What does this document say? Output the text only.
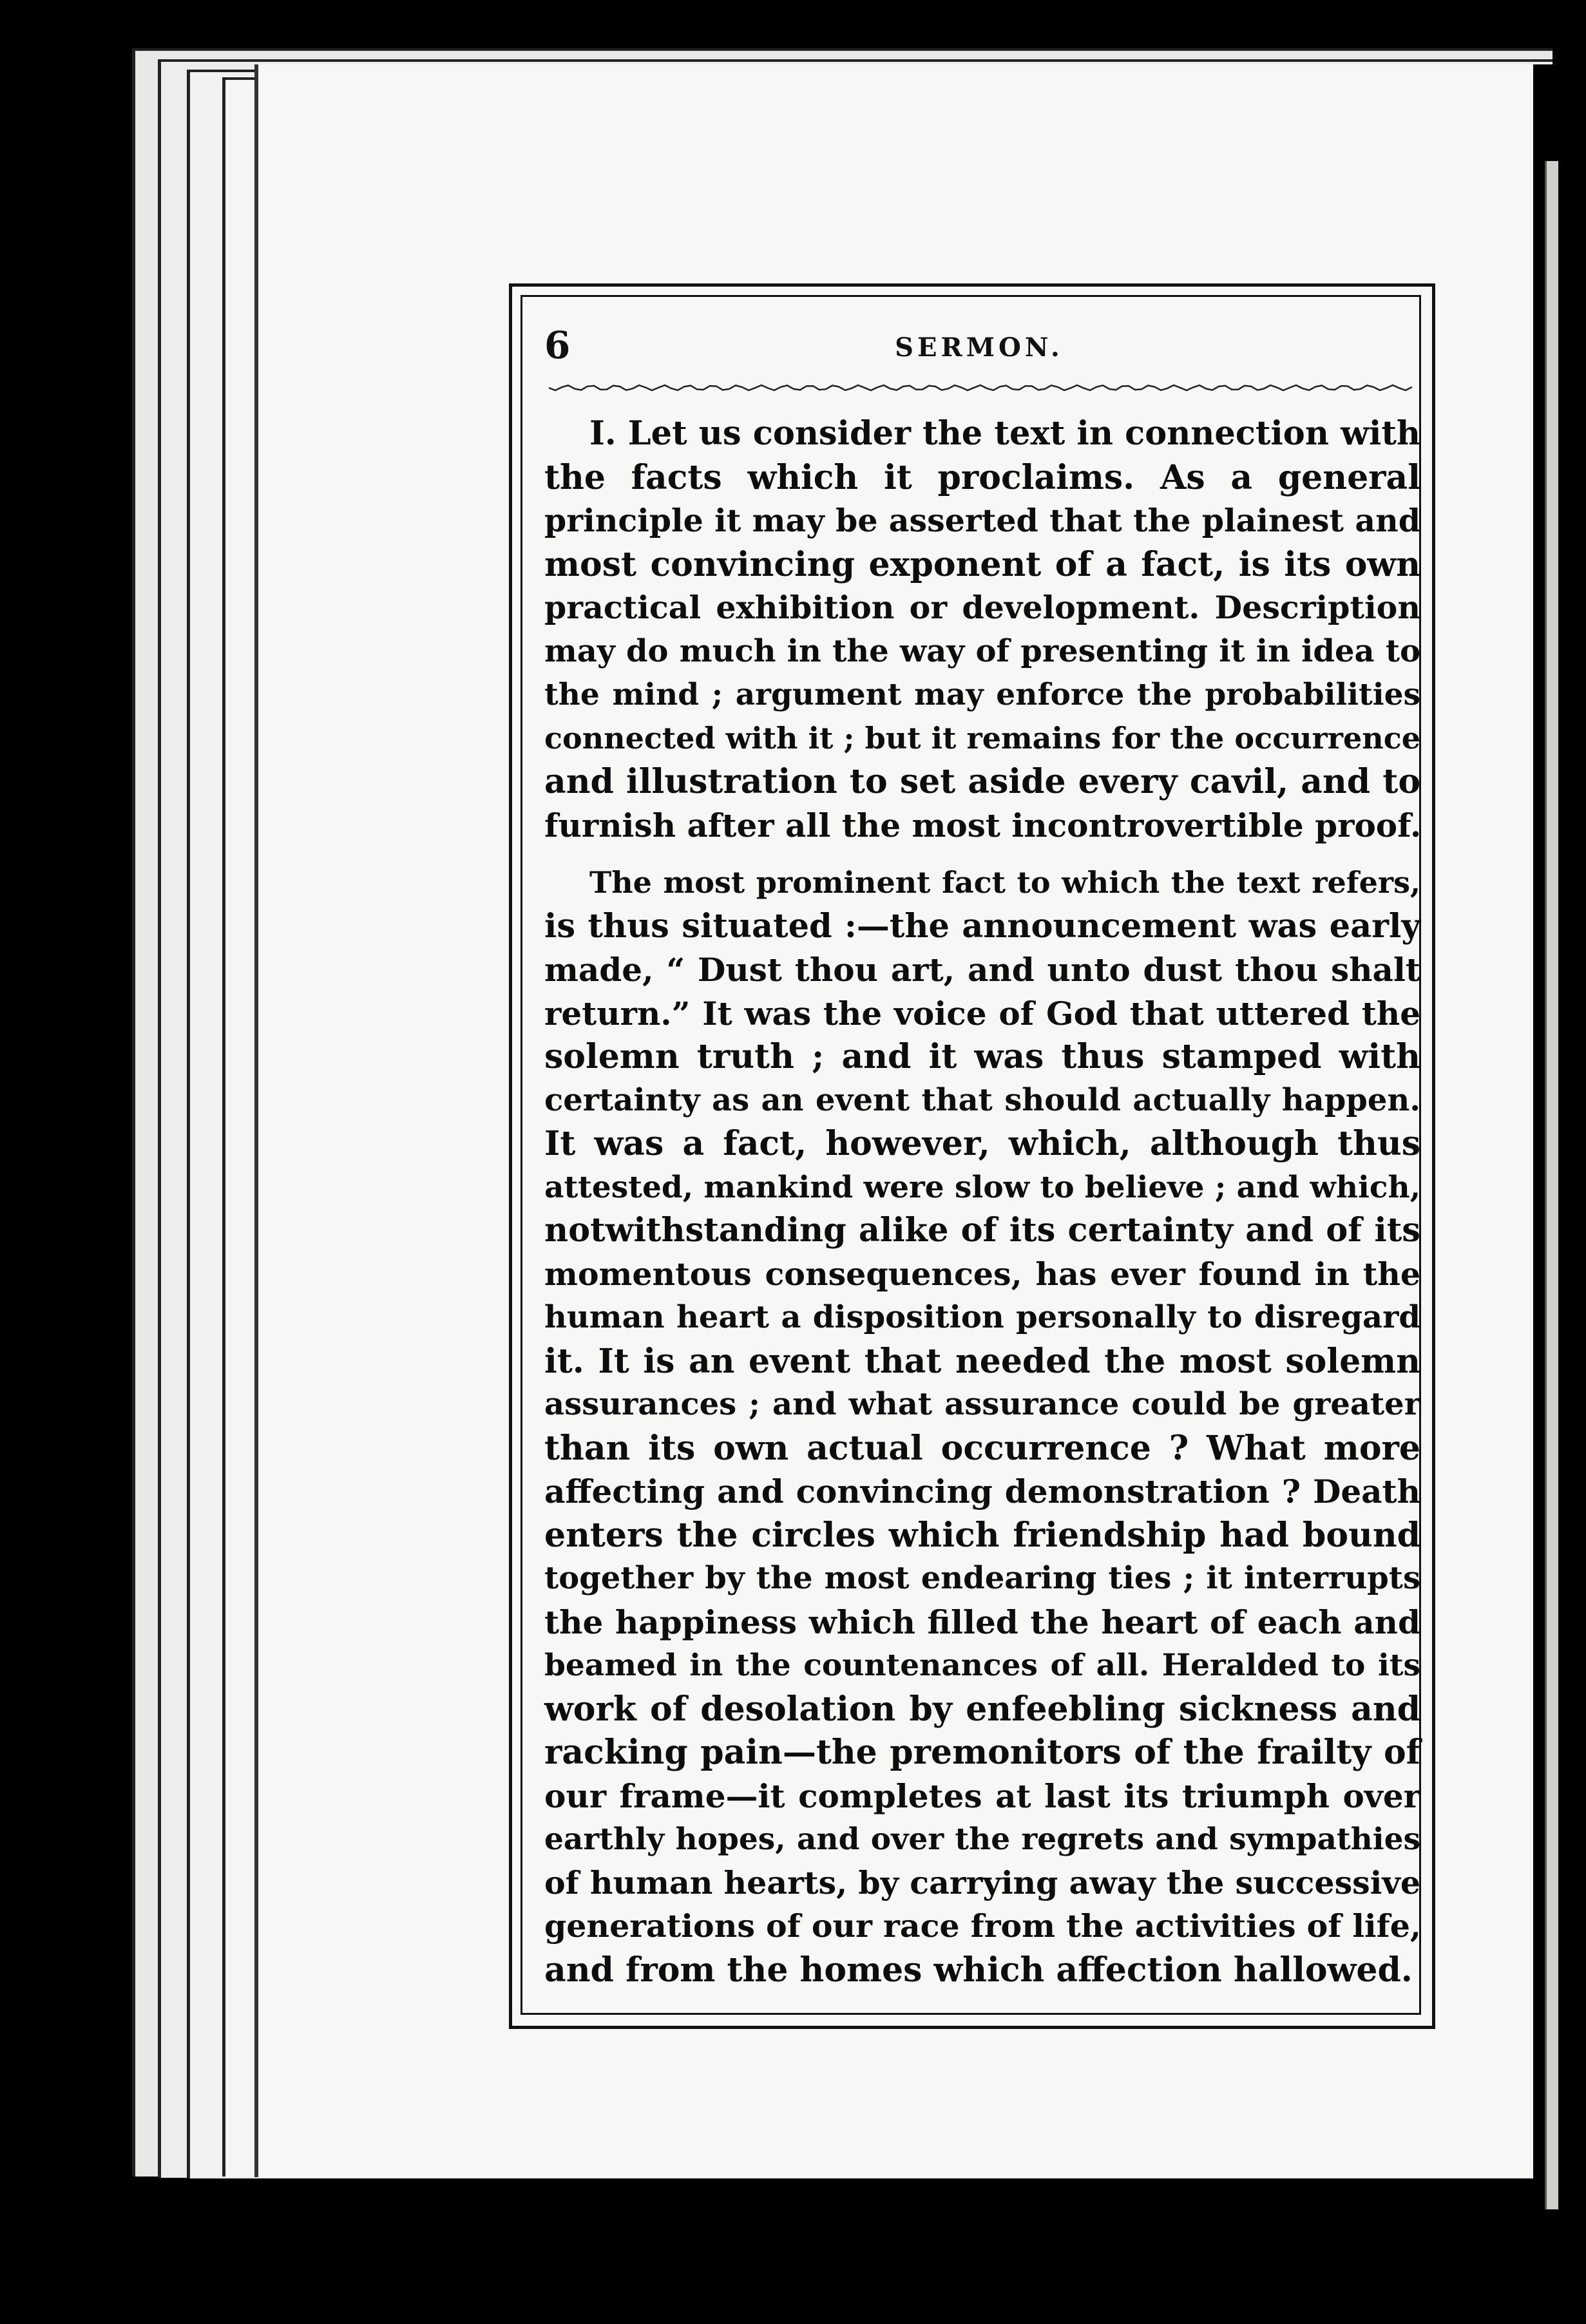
6	SERMON.
I. Let us consider the text in connection with
the facts which it proclaims. As a general
principle it may be asserted that the plainest and
most convincing exponent of a fact, is its own
practical exhibition or development. Description
may do much in the way of presenting it in idea to
the mind ; argument may enforce the probabilities
connected with it ; but it remains for the occurrence
and illustration to set aside every cavil, and to
furnish after all the most incontrovertible proof.
The most prominent fact to which the text refers,
is thus situated :—the announcement was early
made, “ Dust thou art, and unto dust thou shalt
return.” It was the voice of God that uttered the
solemn truth ; and it was thus stamped with
certainty as an event that should actually happen.
It was a fact, however, which, although thus
attested, mankind were slow to believe ; and which,
notwithstanding alike of its certainty and of its
momentous consequences, has ever found in the
human heart a disposition personally to disregard
it. It is an event that needed the most solemn
assurances ; and what assurance could be greater
than its own actual occurrence ? What more
affecting and convincing demonstration ? Death
enters the circles which friendship had bound
together by the most endearing ties ; it interrupts
the happiness which filled the heart of each and
beamed in the countenances of all. Heralded to its
work of desolation by enfeebling sickness and
racking pain—the premonitors of the frailty of
our frame—it completes at last its triumph over
earthly hopes, and over the regrets and sympathies
of human hearts, by carrying away the successive
generations of our race from the activities of life,
and from the homes which affection hallowed.
